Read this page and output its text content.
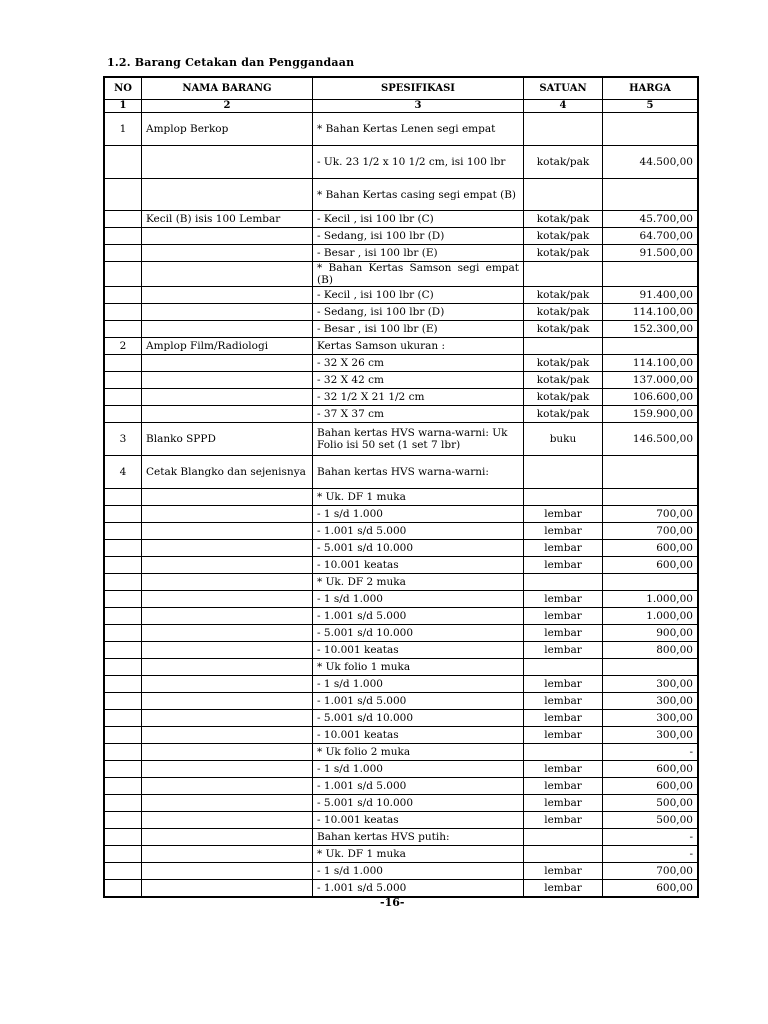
1.2. Barang Cetakan dan Penggandaan
NO	NAMA BARANG	SPESIFIKASI	SATUAN	HARGA
1	2	3	4	5
1	Amplop Berkop	* Bahan Kertas Lenen segi empat		
		- Uk. 23 1/2 x 10 1/2 cm, isi 100 lbr	kotak/pak	44.500,00
		* Bahan Kertas casing segi empat (B)		
	Kecil (B) isis 100 Lembar	- Kecil , isi 100 lbr (C)	kotak/pak	45.700,00
		- Sedang, isi 100 lbr (D)	kotak/pak	64.700,00
		- Besar , isi 100 lbr (E)	kotak/pak	91.500,00
		* Bahan Kertas Samson segi empat (B)		
		- Kecil , isi 100 lbr (C)	kotak/pak	91.400,00
		- Sedang, isi 100 lbr (D)	kotak/pak	114.100,00
		- Besar , isi 100 lbr (E)	kotak/pak	152.300,00
2	Amplop Film/Radiologi	Kertas Samson ukuran :		
		- 32 X 26 cm	kotak/pak	114.100,00
		- 32 X 42 cm	kotak/pak	137.000,00
		- 32 1/2 X 21 1/2 cm	kotak/pak	106.600,00
		- 37 X 37 cm	kotak/pak	159.900,00
3	Blanko SPPD	Bahan kertas HVS warna-warni: Uk Folio isi 50 set (1 set 7 lbr)	buku	146.500,00
4	Cetak Blangko dan sejenisnya	Bahan kertas HVS warna-warni:		
		* Uk. DF 1 muka		
		- 1 s/d 1.000	lembar	700,00
		- 1.001 s/d 5.000	lembar	700,00
		- 5.001 s/d 10.000	lembar	600,00
		- 10.001 keatas	lembar	600,00
		* Uk. DF 2 muka		
		- 1 s/d 1.000	lembar	1.000,00
		- 1.001 s/d 5.000	lembar	1.000,00
		- 5.001 s/d 10.000	lembar	900,00
		- 10.001 keatas	lembar	800,00
		* Uk folio 1 muka		
		- 1 s/d 1.000	lembar	300,00
		- 1.001 s/d 5.000	lembar	300,00
		- 5.001 s/d 10.000	lembar	300,00
		- 10.001 keatas	lembar	300,00
		* Uk folio 2 muka		-
		- 1 s/d 1.000	lembar	600,00
		- 1.001 s/d 5.000	lembar	600,00
		- 5.001 s/d 10.000	lembar	500,00
		- 10.001 keatas	lembar	500,00
		Bahan kertas HVS putih:		-
		* Uk. DF 1 muka		-
		- 1 s/d 1.000	lembar	700,00
		- 1.001 s/d 5.000	lembar	600,00
-16-
